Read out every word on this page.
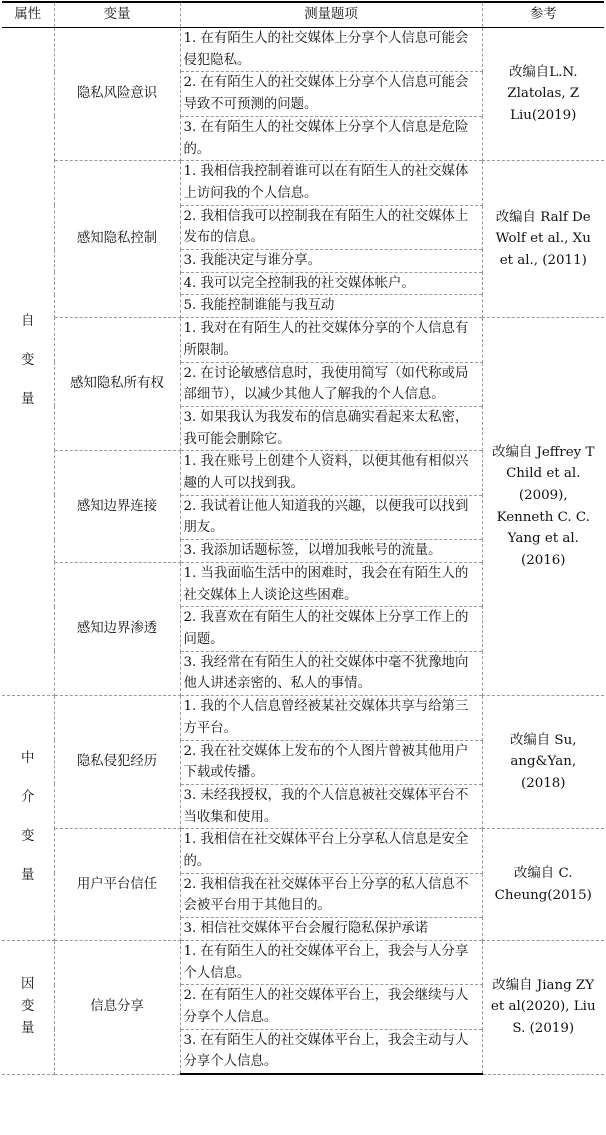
属性	变量	测量题项	参考
自变量	隐私风险意识	1. 在有陌生人的社交媒体上分享个人信息可能会侵犯隐私。	改编自L.N. Zlatolas, Z Liu(2019)
		2. 在有陌生人的社交媒体上分享个人信息可能会导致不可预测的问题。	
		3. 在有陌生人的社交媒体上分享个人信息是危险的。	
	感知隐私控制	1. 我相信我控制着谁可以在有陌生人的社交媒体上访问我的个人信息。	改编自 Ralf De Wolf et al., Xu et al., (2011)
		2. 我相信我可以控制我在有陌生人的社交媒体上发布的信息。	
		3. 我能决定与谁分享。	
		4. 我可以完全控制我的社交媒体帐户。	
		5. 我能控制谁能与我互动	
	感知隐私所有权	1. 我对在有陌生人的社交媒体分享的个人信息有所限制。	改编自 Jeffrey T Child et al. (2009), Kenneth C. C. Yang et al. (2016)
		2. 在讨论敏感信息时，我使用简写（如代称或局部细节），以减少其他人了解我的个人信息。	
		3. 如果我认为我发布的信息确实看起来太私密，我可能会删除它。	
	感知边界连接	1. 我在账号上创建个人资料，以便其他有相似兴趣的人可以找到我。	
		2. 我试着让他人知道我的兴趣，以便我可以找到朋友。	
		3. 我添加话题标签，以增加我帐号的流量。	
	感知边界渗透	1. 当我面临生活中的困难时，我会在有陌生人的社交媒体上人谈论这些困难。	
		2. 我喜欢在有陌生人的社交媒体上分享工作上的问题。	
		3. 我经常在有陌生人的社交媒体中毫不犹豫地向他人讲述亲密的、私人的事情。	
中介变量	隐私侵犯经历	1. 我的个人信息曾经被某社交媒体共享与给第三方平台。	改编自 Su, ang&Yan, (2018)
		2. 我在社交媒体上发布的个人图片曾被其他用户下载或传播。	
		3. 未经我授权，我的个人信息被社交媒体平台不当收集和使用。	
	用户平台信任	1. 我相信在社交媒体平台上分享私人信息是安全的。	改编自 C. Cheung(2015)
		2. 我相信我在社交媒体平台上分享的私人信息不会被平台用于其他目的。	
		3. 相信社交媒体平台会履行隐私保护承诺	
因变量	信息分享	1. 在有陌生人的社交媒体平台上，我会与人分享个人信息。	改编自 Jiang ZY et al(2020), Liu S. (2019)
		2. 在有陌生人的社交媒体平台上，我会继续与人分享个人信息。	
		3. 在有陌生人的社交媒体平台上，我会主动与人分享个人信息。	
